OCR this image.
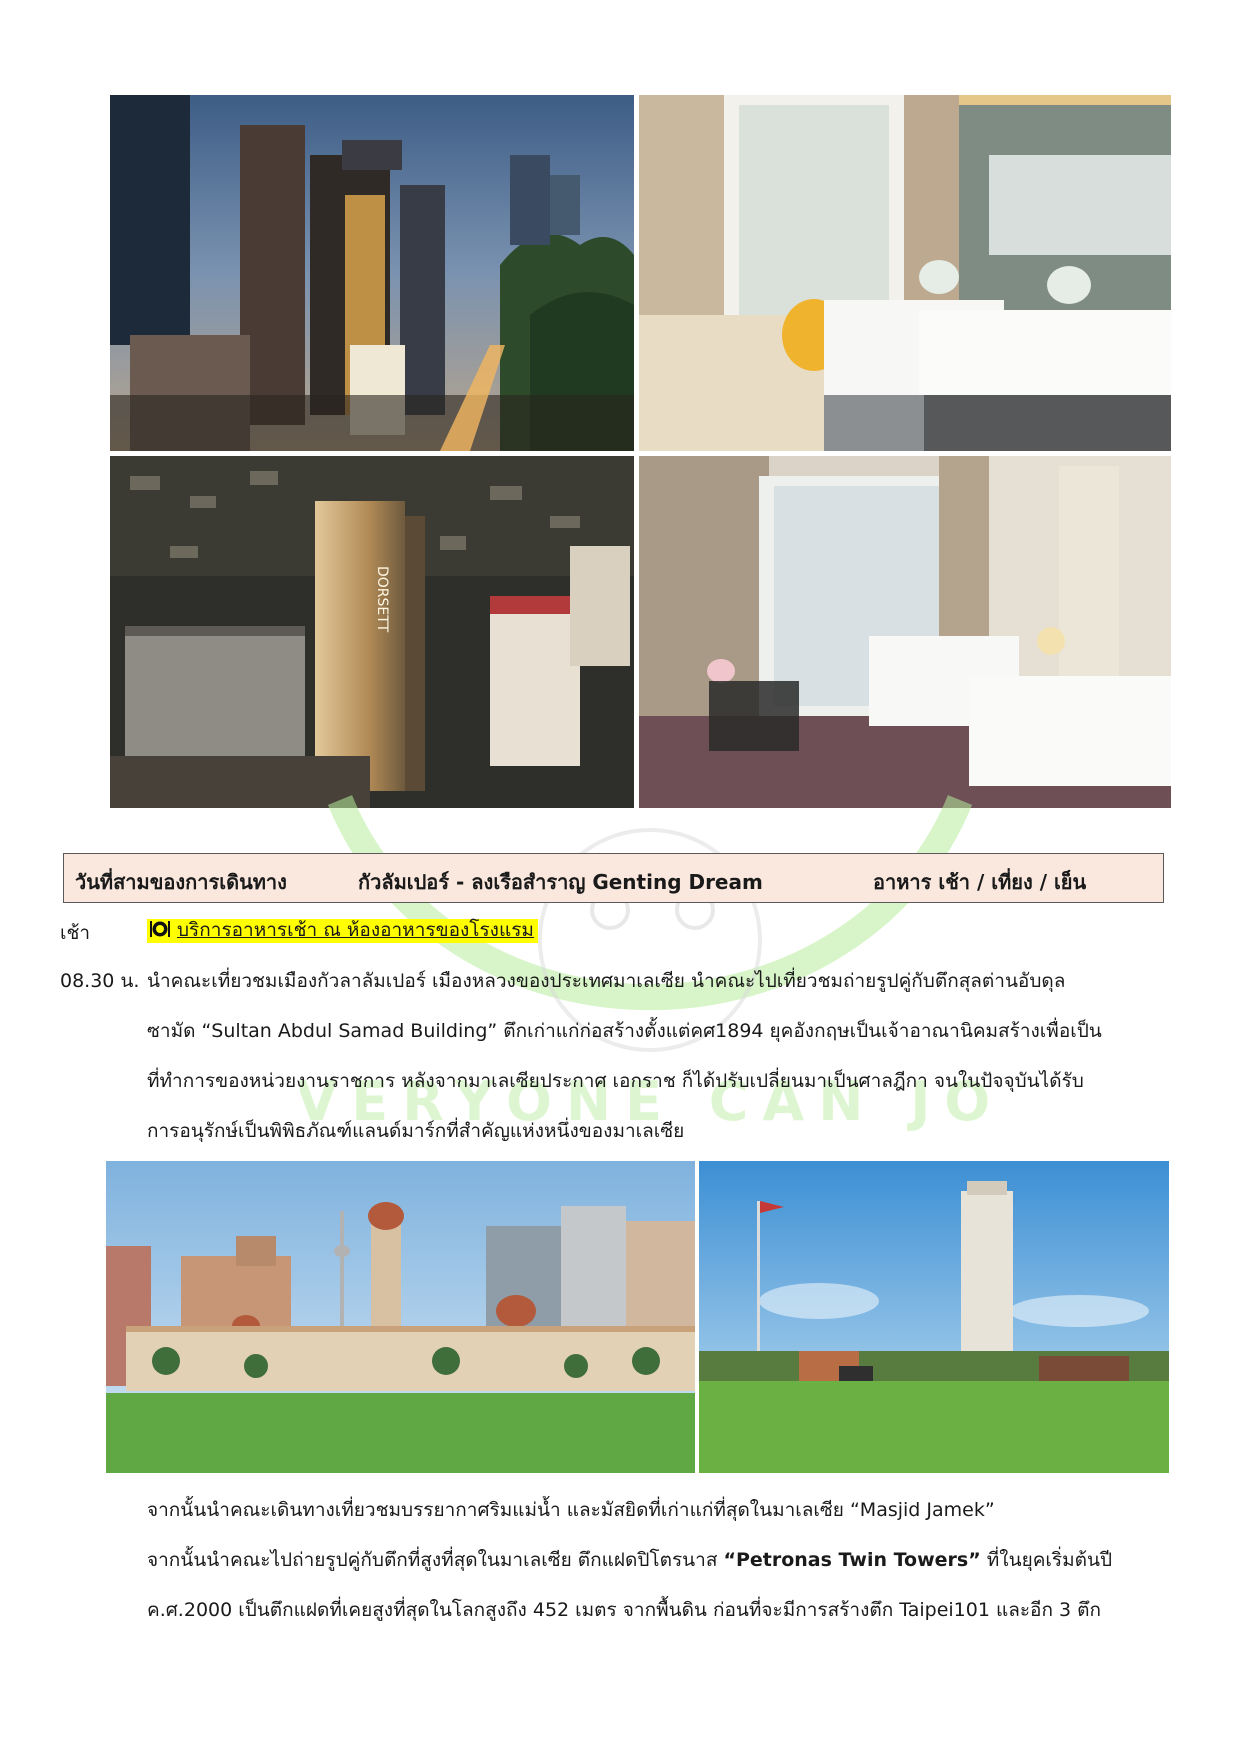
DORSETT
VERYONE CAN JO
วันที่สามของการเดินทาง	กัวลัมเปอร์ - ลงเรือสำราญ Genting Dream	อาหาร เช้า / เที่ยง / เย็น
เช้า	บริการอาหารเช้า ณ ห้องอาหารของโรงแรม
08.30 น. นำคณะเที่ยวชมเมืองกัวลาลัมเปอร์ เมืองหลวงของประเทศมาเลเซีย นำคณะไปเที่ยวชมถ่ายรูปคู่กับตึกสุลต่านอับดุล
ซามัด “Sultan Abdul Samad Building” ตึกเก่าแก่ก่อสร้างตั้งแต่คศ1894 ยุคอังกฤษเป็นเจ้าอาณานิคมสร้างเพื่อเป็น
ที่ทำการของหน่วยงานราชการ หลังจากมาเลเซียประกาศ เอกราช ก็ได้ปรับเปลี่ยนมาเป็นศาลฎีกา จนในปัจจุบันได้รับ
การอนุรักษ์เป็นพิพิธภัณฑ์แลนด์มาร์กที่สำคัญแห่งหนึ่งของมาเลเซีย
จากนั้นนำคณะเดินทางเที่ยวชมบรรยากาศริมแม่น้ำ และมัสยิดที่เก่าแก่ที่สุดในมาเลเซีย “Masjid Jamek”
จากนั้นนำคณะไปถ่ายรูปคู่กับตึกที่สูงที่สุดในมาเลเซีย ตึกแฝดปิโตรนาส “Petronas Twin Towers” ที่ในยุคเริ่มต้นปี
ค.ศ.2000 เป็นตึกแฝดที่เคยสูงที่สุดในโลกสูงถึง 452 เมตร จากพื้นดิน ก่อนที่จะมีการสร้างตึก Taipei101 และอีก 3 ตึก
